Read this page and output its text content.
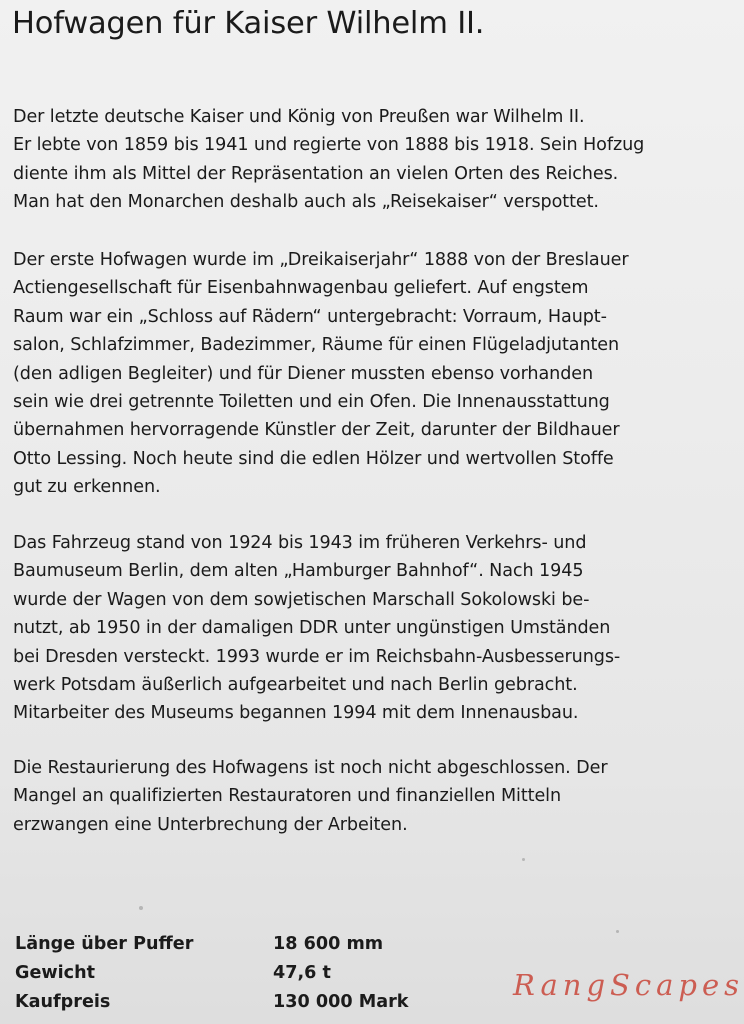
Hofwagen für Kaiser Wilhelm II.
Der letzte deutsche Kaiser und König von Preußen war Wilhelm II.
Er lebte von 1859 bis 1941 und regierte von 1888 bis 1918. Sein Hofzug
diente ihm als Mittel der Repräsentation an vielen Orten des Reiches.
Man hat den Monarchen deshalb auch als „Reisekaiser“ verspottet.
Der erste Hofwagen wurde im „Dreikaiserjahr“ 1888 von der Breslauer
Actiengesellschaft für Eisenbahnwagenbau geliefert. Auf engstem
Raum war ein „Schloss auf Rädern“ untergebracht: Vorraum, Haupt-
salon, Schlafzimmer, Badezimmer, Räume für einen Flügeladjutanten
(den adligen Begleiter) und für Diener mussten ebenso vorhanden
sein wie drei getrennte Toiletten und ein Ofen. Die Innenausstattung
übernahmen hervorragende Künstler der Zeit, darunter der Bildhauer
Otto Lessing. Noch heute sind die edlen Hölzer und wertvollen Stoffe
gut zu erkennen.
Das Fahrzeug stand von 1924 bis 1943 im früheren Verkehrs- und
Baumuseum Berlin, dem alten „Hamburger Bahnhof“. Nach 1945
wurde der Wagen von dem sowjetischen Marschall Sokolowski be-
nutzt, ab 1950 in der damaligen DDR unter ungünstigen Umständen
bei Dresden versteckt. 1993 wurde er im Reichsbahn-Ausbesserungs-
werk Potsdam äußerlich aufgearbeitet und nach Berlin gebracht.
Mitarbeiter des Museums begannen 1994 mit dem Innenausbau.
Die Restaurierung des Hofwagens ist noch nicht abgeschlossen. Der
Mangel an qualifizierten Restauratoren und finanziellen Mitteln
erzwangen eine Unterbrechung der Arbeiten.
Länge über Puffer	18 600 mm
Gewicht	47,6 t
Kaufpreis	130 000 Mark	RangScapes
